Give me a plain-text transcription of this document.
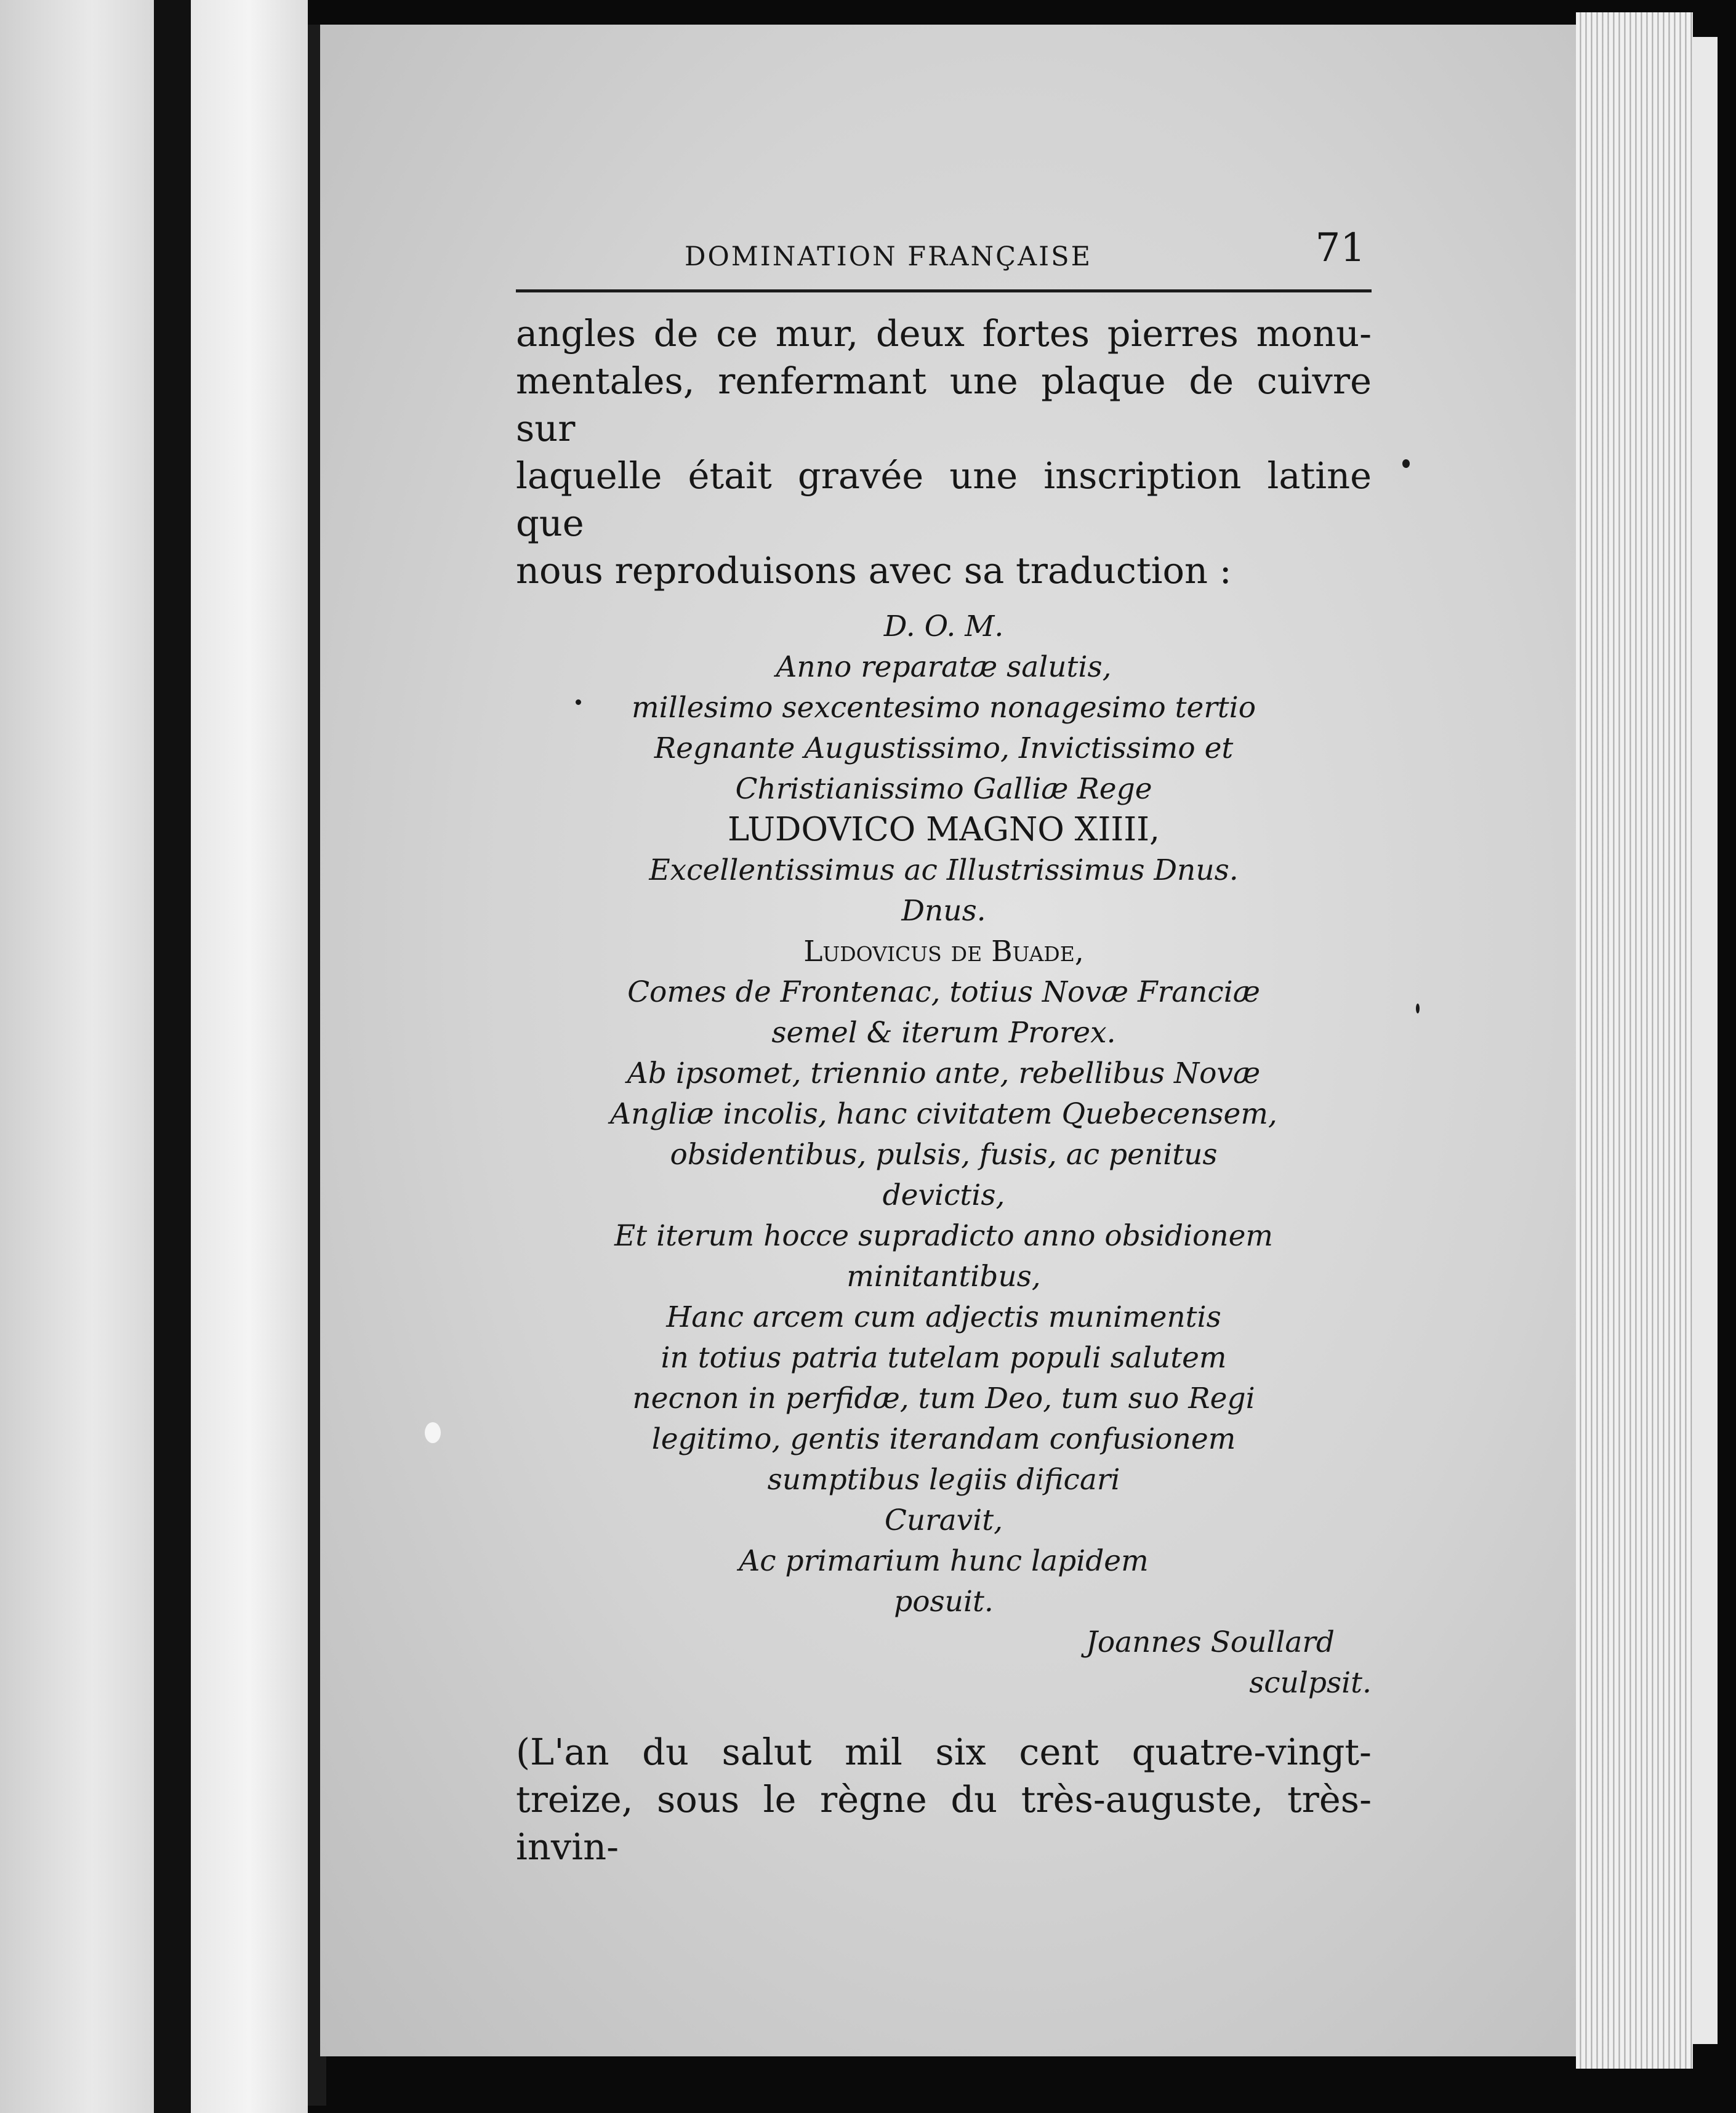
DOMINATION FRANÇAISE	71

angles de ce mur, deux fortes pierres monu-

mentales, renfermant une plaque de cuivre sur

laquelle était gravée une inscription latine que

nous reproduisons avec sa traduction :

D. O. M.
Anno reparatæ salutis,
millesimo sexcentesimo nonagesimo tertio
Regnante Augustissimo, Invictissimo et
Christianissimo Galliæ Rege
LUDOVICO MAGNO XIIII,
Excellentissimus ac Illustrissimus Dnus.
Dnus.
Ludovicus de Buade,
Comes de Frontenac, totius Novæ Franciæ
semel & iterum Prorex.
Ab ipsomet, triennio ante, rebellibus Novæ
Angliæ incolis, hanc civitatem Quebecensem,
obsidentibus, pulsis, fusis, ac penitus
devictis,
Et iterum hocce supradicto anno obsidionem
minitantibus,
Hanc arcem cum adjectis munimentis
in totius patria tutelam populi salutem
necnon in perfidæ, tum Deo, tum suo Regi
legitimo, gentis iterandam confusionem
sumptibus legiis dificari
Curavit,
Ac primarium hunc lapidem
posuit.
Joannes Soullard
sculpsit.

(L'an du salut mil six cent quatre-vingt-

treize, sous le règne du très-auguste, très-invin-
